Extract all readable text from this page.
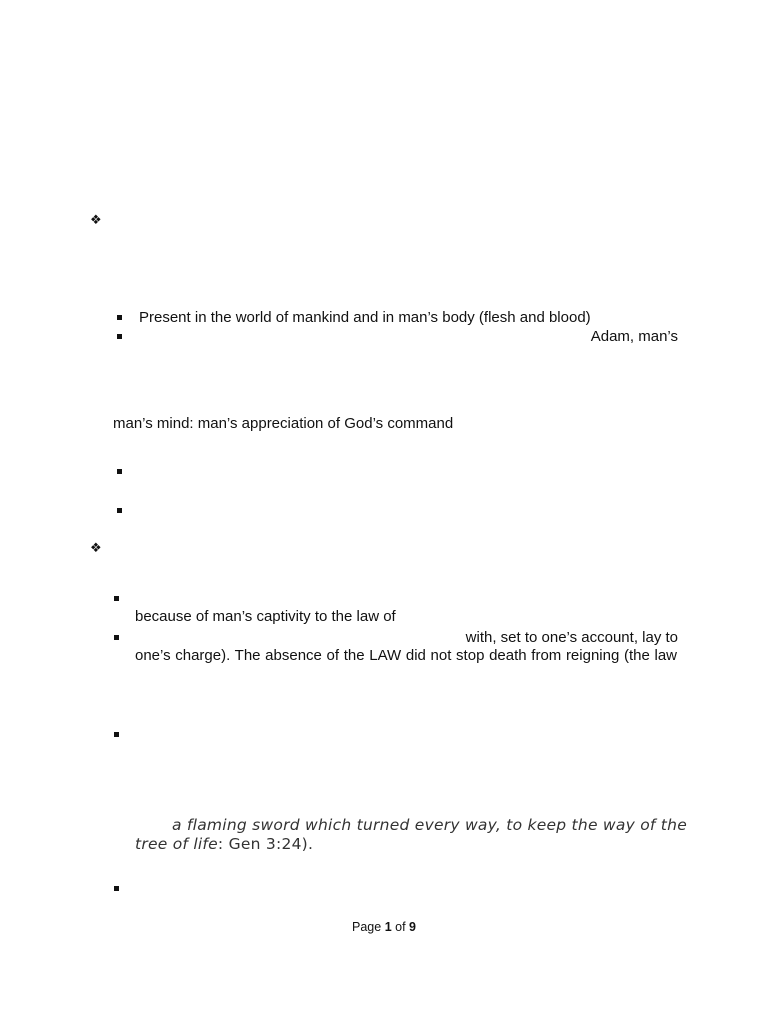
❖
❖
Present in the world of mankind and in man’s body (flesh and blood)
Adam, man’s
man’s mind: man’s appreciation of God’s command
because of man’s captivity to the law of
with, set to one’s account, lay to
one’s charge). The absence of the LAW did not stop death from reigning (the law
a flaming sword which turned every way, to keep the way of the
tree of life: Gen 3:24).
Page 1 of 9
